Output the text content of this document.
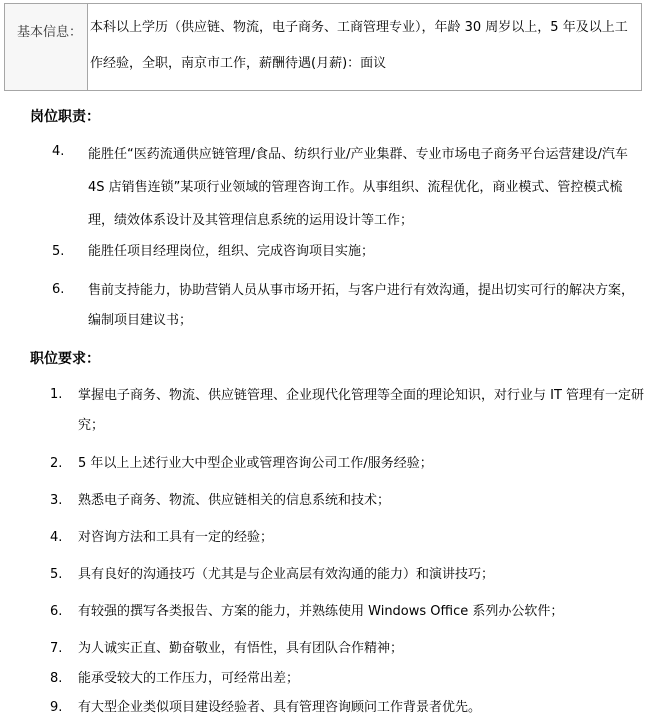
基本信息： 本科以上学历（供应链、物流，电子商务、工商管理专业），年龄 30 周岁以上，5 年及以上工作经验，全职，南京市工作，薪酬待遇(月薪)：面议
岗位职责：
4. 能胜任“医药流通供应链管理/食品、纺织行业/产业集群、专业市场电子商务平台运营建设/汽车 4S 店销售连锁”某项行业领域的管理咨询工作。从事组织、流程优化，商业模式、管控模式梳理，绩效体系设计及其管理信息系统的运用设计等工作；
5. 能胜任项目经理岗位，组织、完成咨询项目实施；
6. 售前支持能力，协助营销人员从事市场开拓，与客户进行有效沟通，提出切实可行的解决方案，编制项目建议书；
职位要求：
1. 掌握电子商务、物流、供应链管理、企业现代化管理等全面的理论知识，对行业与 IT 管理有一定研究；
2. 5 年以上上述行业大中型企业或管理咨询公司工作/服务经验；
3. 熟悉电子商务、物流、供应链相关的信息系统和技术；
4. 对咨询方法和工具有一定的经验；
5. 具有良好的沟通技巧（尤其是与企业高层有效沟通的能力）和演讲技巧；
6. 有较强的撰写各类报告、方案的能力，并熟练使用 Windows Office 系列办公软件；
7. 为人诚实正直、勤奋敬业，有悟性，具有团队合作精神；
8. 能承受较大的工作压力，可经常出差；
9. 有大型企业类似项目建设经验者、具有管理咨询顾问工作背景者优先。
